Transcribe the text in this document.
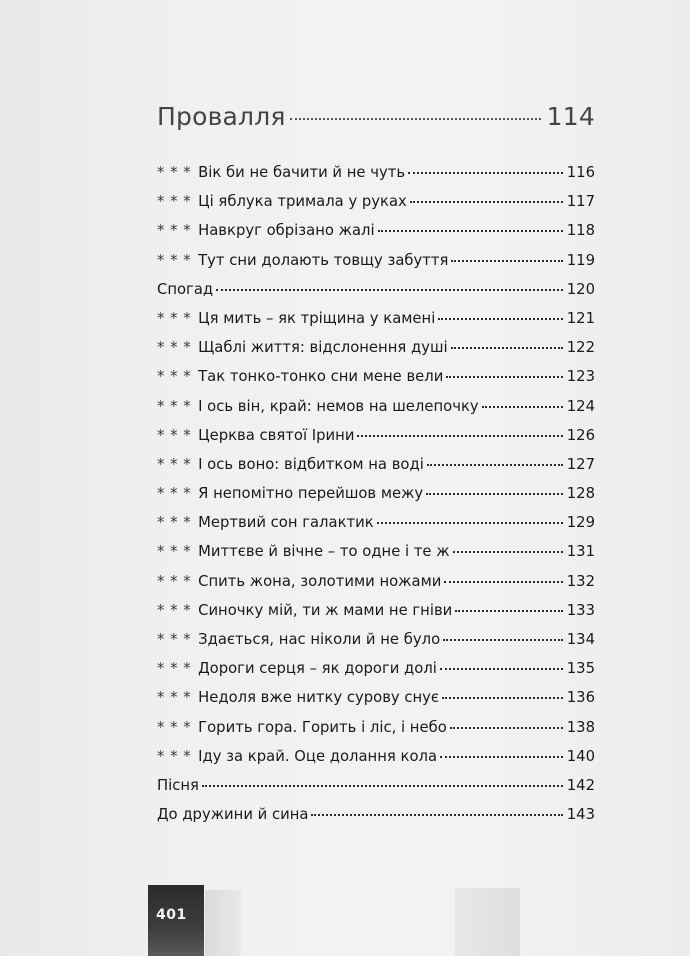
Провалля	114
* * * Вік би не бачити й не чуть	116
* * * Ці яблука тримала у руках	117
* * * Навкруг обрізано жалі	118
* * * Тут сни долають товщу забуття	119
Спогад	120
* * * Ця мить – як тріщина у камені	121
* * * Щаблі життя: відслонення душі	122
* * * Так тонко-тонко сни мене вели	123
* * * І ось він, край: немов на шелепочку	124
* * * Церква святої Ірини	126
* * * І ось воно: відбитком на воді	127
* * * Я непомітно перейшов межу	128
* * * Мертвий сон галактик	129
* * * Миттєве й вічне – то одне і те ж	131
* * * Спить жона, золотими ножами	132
* * * Синочку мій, ти ж мами не гніви	133
* * * Здається, нас ніколи й не було	134
* * * Дороги серця – як дороги долі	135
* * * Недоля вже нитку сурову снує	136
* * * Горить гора. Горить і ліс, і небо	138
* * * Іду за край. Оце долання кола	140
Пісня	142
До дружини й сина	143
401
